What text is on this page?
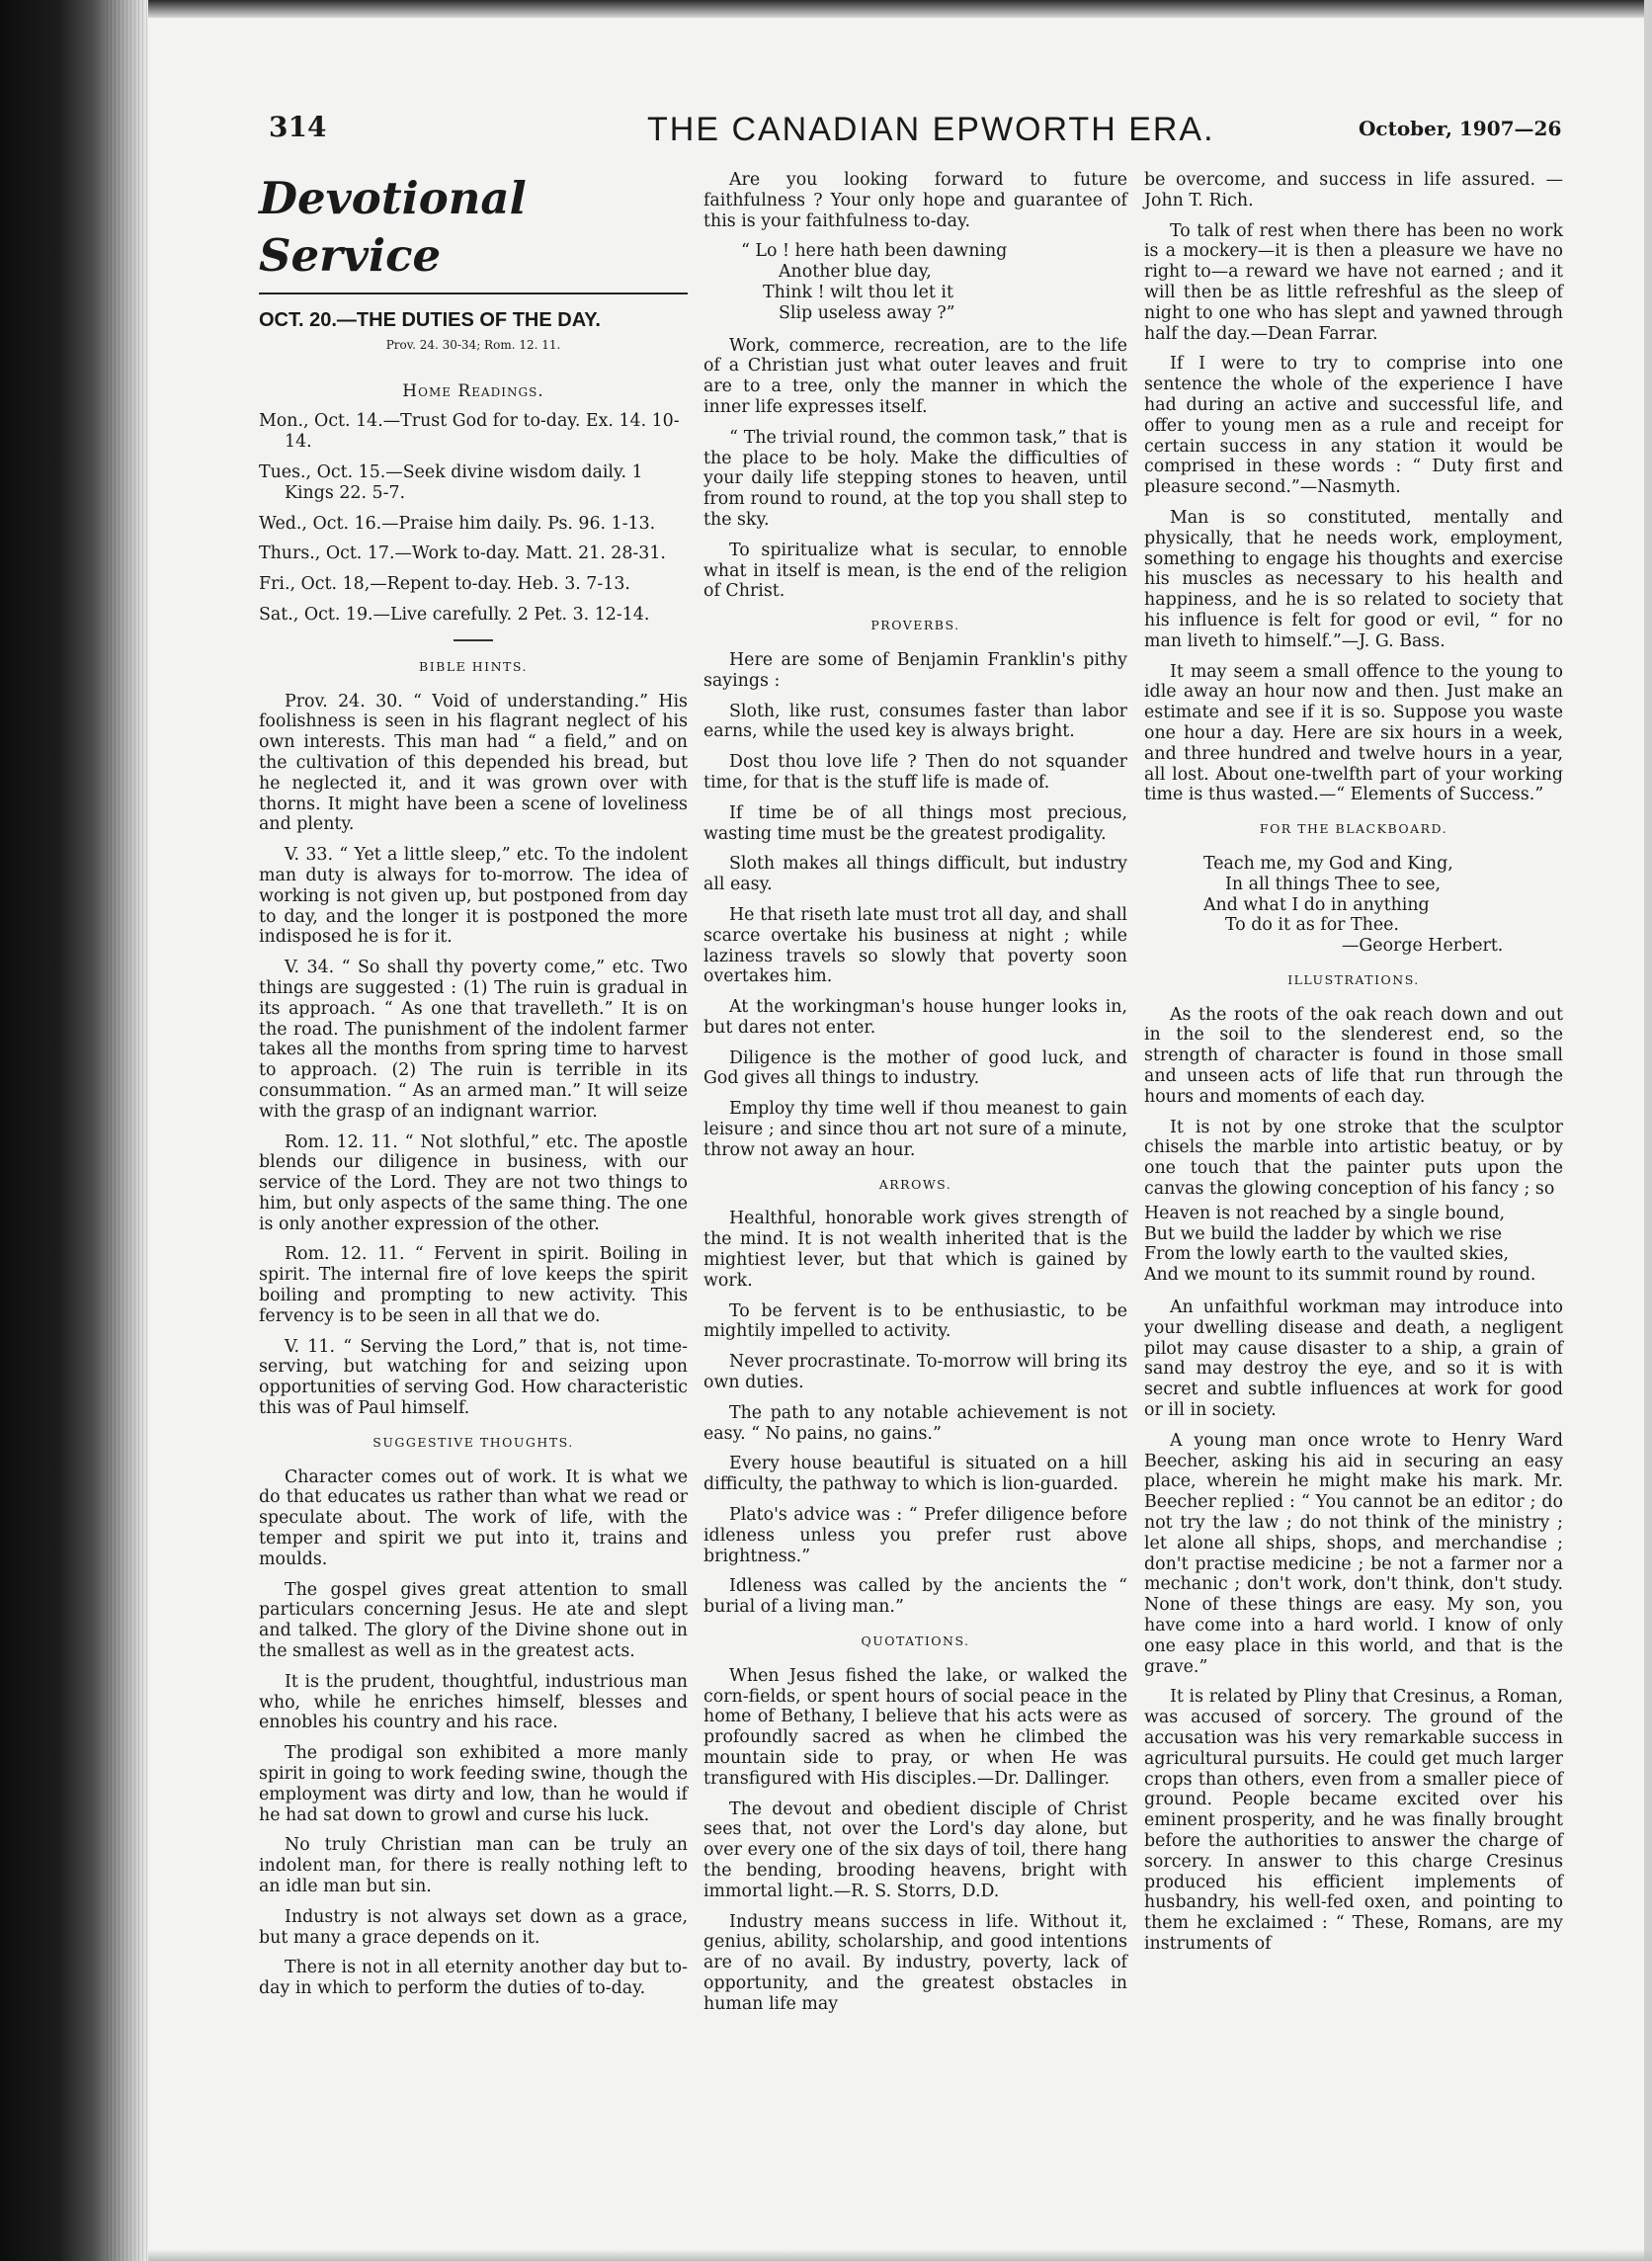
314	THE CANADIAN EPWORTH ERA.	October, 1907—26
Devotional Service
OCT. 20.—THE DUTIES OF THE DAY.
Prov. 24. 30-34; Rom. 12. 11.
Home Readings.

Mon., Oct. 14.—Trust God for to-day. Ex. 14. 10-14.

Tues., Oct. 15.—Seek divine wisdom daily. 1 Kings 22. 5-7.

Wed., Oct. 16.—Praise him daily. Ps. 96. 1-13.

Thurs., Oct. 17.—Work to-day. Matt. 21. 28-31.

Fri., Oct. 18,—Repent to-day. Heb. 3. 7-13.

Sat., Oct. 19.—Live carefully. 2 Pet. 3. 12-14.

BIBLE HINTS.

Prov. 24. 30. “ Void of understanding.” His foolishness is seen in his flagrant neglect of his own interests. This man had “ a field,” and on the cultivation of this depended his bread, but he neglected it, and it was grown over with thorns. It might have been a scene of loveliness and plenty.

V. 33. “ Yet a little sleep,” etc. To the indolent man duty is always for to-morrow. The idea of working is not given up, but postponed from day to day, and the longer it is postponed the more indisposed he is for it.

V. 34. “ So shall thy poverty come,” etc. Two things are suggested : (1) The ruin is gradual in its approach. “ As one that travelleth.” It is on the road. The punishment of the indolent farmer takes all the months from spring time to harvest to approach. (2) The ruin is terrible in its consummation. “ As an armed man.” It will seize with the grasp of an indignant warrior.

Rom. 12. 11. “ Not slothful,” etc. The apostle blends our diligence in business, with our service of the Lord. They are not two things to him, but only aspects of the same thing. The one is only another expression of the other.

Rom. 12. 11. “ Fervent in spirit. Boiling in spirit. The internal fire of love keeps the spirit boiling and prompting to new activity. This fervency is to be seen in all that we do.

V. 11. “ Serving the Lord,” that is, not time-serving, but watching for and seizing upon opportunities of serving God. How characteristic this was of Paul himself.

SUGGESTIVE THOUGHTS.

Character comes out of work. It is what we do that educates us rather than what we read or speculate about. The work of life, with the temper and spirit we put into it, trains and moulds.

The gospel gives great attention to small particulars concerning Jesus. He ate and slept and talked. The glory of the Divine shone out in the smallest as well as in the greatest acts.

It is the prudent, thoughtful, industrious man who, while he enriches himself, blesses and ennobles his country and his race.

The prodigal son exhibited a more manly spirit in going to work feeding swine, though the employment was dirty and low, than he would if he had sat down to growl and curse his luck.

No truly Christian man can be truly an indolent man, for there is really nothing left to an idle man but sin.

Industry is not always set down as a grace, but many a grace depends on it.

There is not in all eternity another day but to-day in which to perform the duties of to-day.

Are you looking forward to future faithfulness ? Your only hope and guarantee of this is your faithfulness to-day.

“ Lo ! here hath been dawning
Another blue day,
Think ! wilt thou let it
Slip useless away ?”

Work, commerce, recreation, are to the life of a Christian just what outer leaves and fruit are to a tree, only the manner in which the inner life expresses itself.

“ The trivial round, the common task,” that is the place to be holy. Make the difficulties of your daily life stepping stones to heaven, until from round to round, at the top you shall step to the sky.

To spiritualize what is secular, to ennoble what in itself is mean, is the end of the religion of Christ.

PROVERBS.

Here are some of Benjamin Franklin's pithy sayings :

Sloth, like rust, consumes faster than labor earns, while the used key is always bright.

Dost thou love life ? Then do not squander time, for that is the stuff life is made of.

If time be of all things most precious, wasting time must be the greatest prodigality.

Sloth makes all things difficult, but industry all easy.

He that riseth late must trot all day, and shall scarce overtake his business at night ; while laziness travels so slowly that poverty soon overtakes him.

At the workingman's house hunger looks in, but dares not enter.

Diligence is the mother of good luck, and God gives all things to industry.

Employ thy time well if thou meanest to gain leisure ; and since thou art not sure of a minute, throw not away an hour.

ARROWS.

Healthful, honorable work gives strength of the mind. It is not wealth inherited that is the mightiest lever, but that which is gained by work.

To be fervent is to be enthusiastic, to be mightily impelled to activity.

Never procrastinate. To-morrow will bring its own duties.

The path to any notable achievement is not easy. “ No pains, no gains.”

Every house beautiful is situated on a hill difficulty, the pathway to which is lion-guarded.

Plato's advice was : “ Prefer diligence before idleness unless you prefer rust above brightness.”

Idleness was called by the ancients the “ burial of a living man.”

QUOTATIONS.

When Jesus fished the lake, or walked the corn-fields, or spent hours of social peace in the home of Bethany, I believe that his acts were as profoundly sacred as when he climbed the mountain side to pray, or when He was transfigured with His disciples.—Dr. Dallinger.

The devout and obedient disciple of Christ sees that, not over the Lord's day alone, but over every one of the six days of toil, there hang the bending, brooding heavens, bright with immortal light.—R. S. Storrs, D.D.

Industry means success in life. Without it, genius, ability, scholarship, and good intentions are of no avail. By industry, poverty, lack of opportunity, and the greatest obstacles in human life may

be overcome, and success in life assured. —John T. Rich.

To talk of rest when there has been no work is a mockery—it is then a pleasure we have no right to—a reward we have not earned ; and it will then be as little refreshful as the sleep of night to one who has slept and yawned through half the day.—Dean Farrar.

If I were to try to comprise into one sentence the whole of the experience I have had during an active and successful life, and offer to young men as a rule and receipt for certain success in any station it would be comprised in these words : “ Duty first and pleasure second.”—Nasmyth.

Man is so constituted, mentally and physically, that he needs work, employment, something to engage his thoughts and exercise his muscles as necessary to his health and happiness, and he is so related to society that his influence is felt for good or evil, “ for no man liveth to himself.”—J. G. Bass.

It may seem a small offence to the young to idle away an hour now and then. Just make an estimate and see if it is so. Suppose you waste one hour a day. Here are six hours in a week, and three hundred and twelve hours in a year, all lost. About one-twelfth part of your working time is thus wasted.—“ Elements of Success.”

FOR THE BLACKBOARD.
Teach me, my God and King,
In all things Thee to see,
And what I do in anything
To do it as for Thee.
—George Herbert.
ILLUSTRATIONS.

As the roots of the oak reach down and out in the soil to the slenderest end, so the strength of character is found in those small and unseen acts of life that run through the hours and moments of each day.

It is not by one stroke that the sculptor chisels the marble into artistic beatuy, or by one touch that the painter puts upon the canvas the glowing conception of his fancy ; so

Heaven is not reached by a single bound,
But we build the ladder by which we rise
From the lowly earth to the vaulted skies,
And we mount to its summit round by round.

An unfaithful workman may introduce into your dwelling disease and death, a negligent pilot may cause disaster to a ship, a grain of sand may destroy the eye, and so it is with secret and subtle influences at work for good or ill in society.

A young man once wrote to Henry Ward Beecher, asking his aid in securing an easy place, wherein he might make his mark. Mr. Beecher replied : “ You cannot be an editor ; do not try the law ; do not think of the ministry ; let alone all ships, shops, and merchandise ; don't practise medicine ; be not a farmer nor a mechanic ; don't work, don't think, don't study. None of these things are easy. My son, you have come into a hard world. I know of only one easy place in this world, and that is the grave.”

It is related by Pliny that Cresinus, a Roman, was accused of sorcery. The ground of the accusation was his very remarkable success in agricultural pursuits. He could get much larger crops than others, even from a smaller piece of ground. People became excited over his eminent prosperity, and he was finally brought before the authorities to answer the charge of sorcery. In answer to this charge Cresinus produced his efficient implements of husbandry, his well-fed oxen, and pointing to them he exclaimed : “ These, Romans, are my instruments of
